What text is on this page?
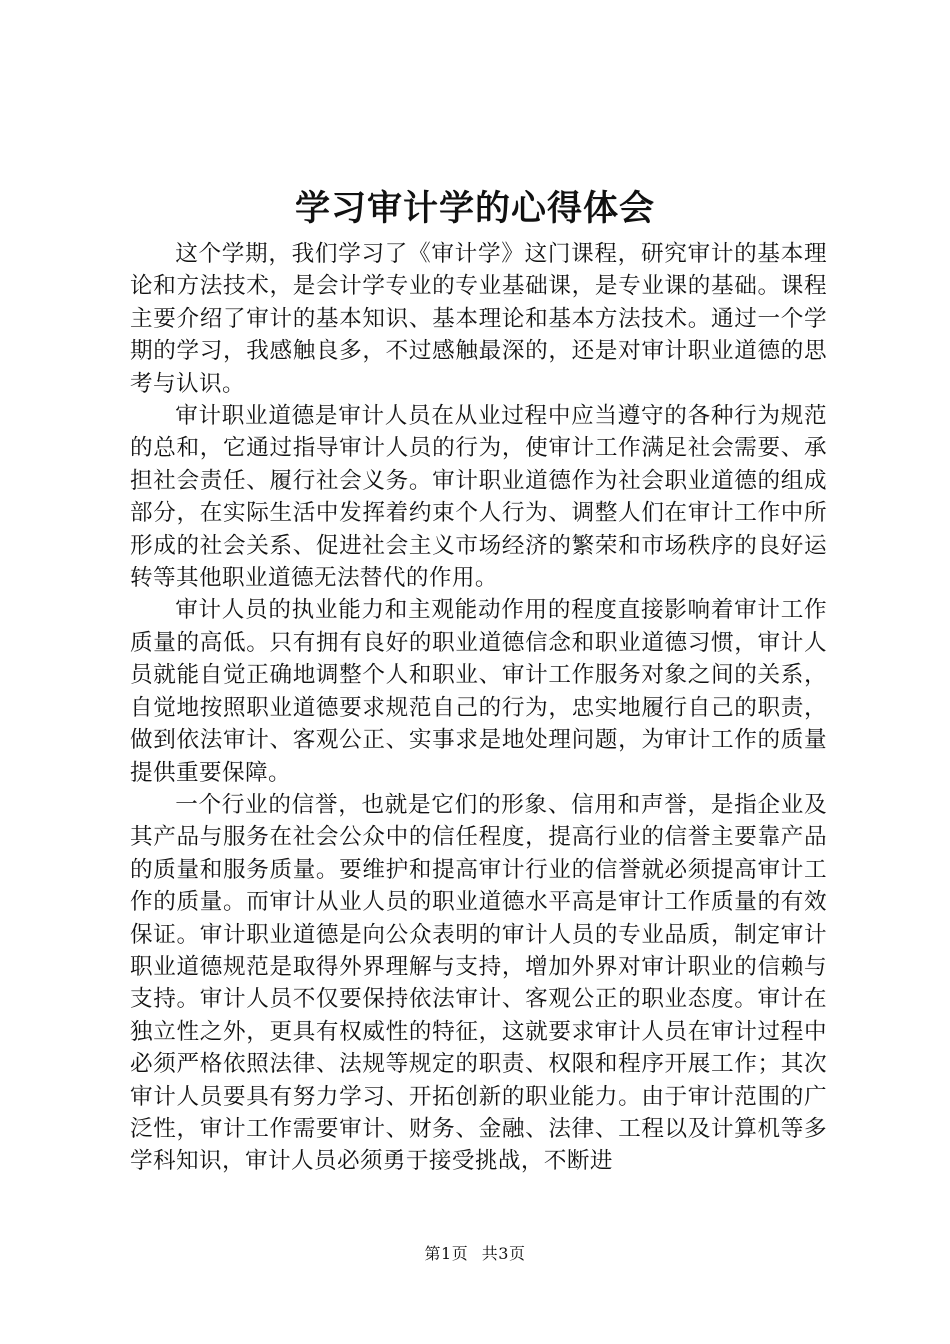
学习审计学的心得体会

这个学期，我们学习了《审计学》这门课程，研究审计的基本理论和方法技术，是会计学专业的专业基础课，是专业课的基础。课程主要介绍了审计的基本知识、基本理论和基本方法技术。通过一个学期的学习，我感触良多，不过感触最深的，还是对审计职业道德的思考与认识。

审计职业道德是审计人员在从业过程中应当遵守的各种行为规范的总和，它通过指导审计人员的行为，使审计工作满足社会需要、承担社会责任、履行社会义务。审计职业道德作为社会职业道德的组成部分，在实际生活中发挥着约束个人行为、调整人们在审计工作中所形成的社会关系、促进社会主义市场经济的繁荣和市场秩序的良好运转等其他职业道德无法替代的作用。

审计人员的执业能力和主观能动作用的程度直接影响着审计工作质量的高低。只有拥有良好的职业道德信念和职业道德习惯，审计人员就能自觉正确地调整个人和职业、审计工作服务对象之间的关系，自觉地按照职业道德要求规范自己的行为，忠实地履行自己的职责，做到依法审计、客观公正、实事求是地处理问题，为审计工作的质量提供重要保障。

一个行业的信誉，也就是它们的形象、信用和声誉，是指企业及其产品与服务在社会公众中的信任程度，提高行业的信誉主要靠产品的质量和服务质量。要维护和提高审计行业的信誉就必须提高审计工作的质量。而审计从业人员的职业道德水平高是审计工作质量的有效保证。审计职业道德是向公众表明的审计人员的专业品质，制定审计职业道德规范是取得外界理解与支持，增加外界对审计职业的信赖与支持。审计人员不仅要保持依法审计、客观公正的职业态度。审计在独立性之外，更具有权威性的特征，这就要求审计人员在审计过程中必须严格依照法律、法规等规定的职责、权限和程序开展工作；其次审计人员要具有努力学习、开拓创新的职业能力。由于审计范围的广泛性，审计工作需要审计、财务、金融、法律、工程以及计算机等多学科知识，审计人员必须勇于接受挑战，不断进

第1页 共3页
